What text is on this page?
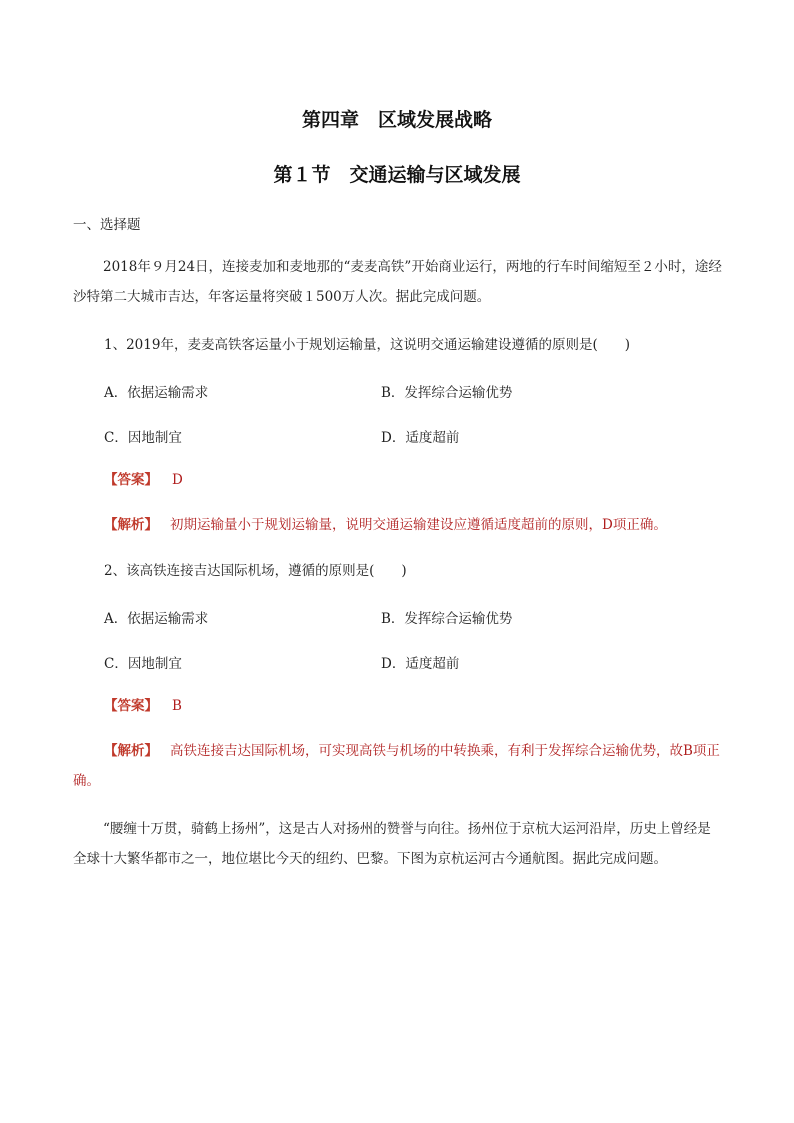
第四章　区域发展战略
第１节　交通运输与区域发展
一、选择题
2018年９月24日，连接麦加和麦地那的“麦麦高铁”开始商业运行，两地的行车时间缩短至２小时，途经沙特第二大城市吉达，年客运量将突破１500万人次。据此完成问题。
1、2019年，麦麦高铁客运量小于规划运输量，这说明交通运输建设遵循的原则是(　　)
A．依据运输需求	B．发挥综合运输优势
C．因地制宜	D．适度超前
【答案】 D
【解析】 初期运输量小于规划运输量，说明交通运输建设应遵循适度超前的原则，D项正确。
2、该高铁连接吉达国际机场，遵循的原则是(　　)
A．依据运输需求	B．发挥综合运输优势
C．因地制宜	D．适度超前
【答案】 B
【解析】 高铁连接吉达国际机场，可实现高铁与机场的中转换乘，有利于发挥综合运输优势，故B项正确。
“腰缠十万贯，骑鹤上扬州”，这是古人对扬州的赞誉与向往。扬州位于京杭大运河沿岸，历史上曾经是全球十大繁华都市之一，地位堪比今天的纽约、巴黎。下图为京杭运河古今通航图。据此完成问题。
